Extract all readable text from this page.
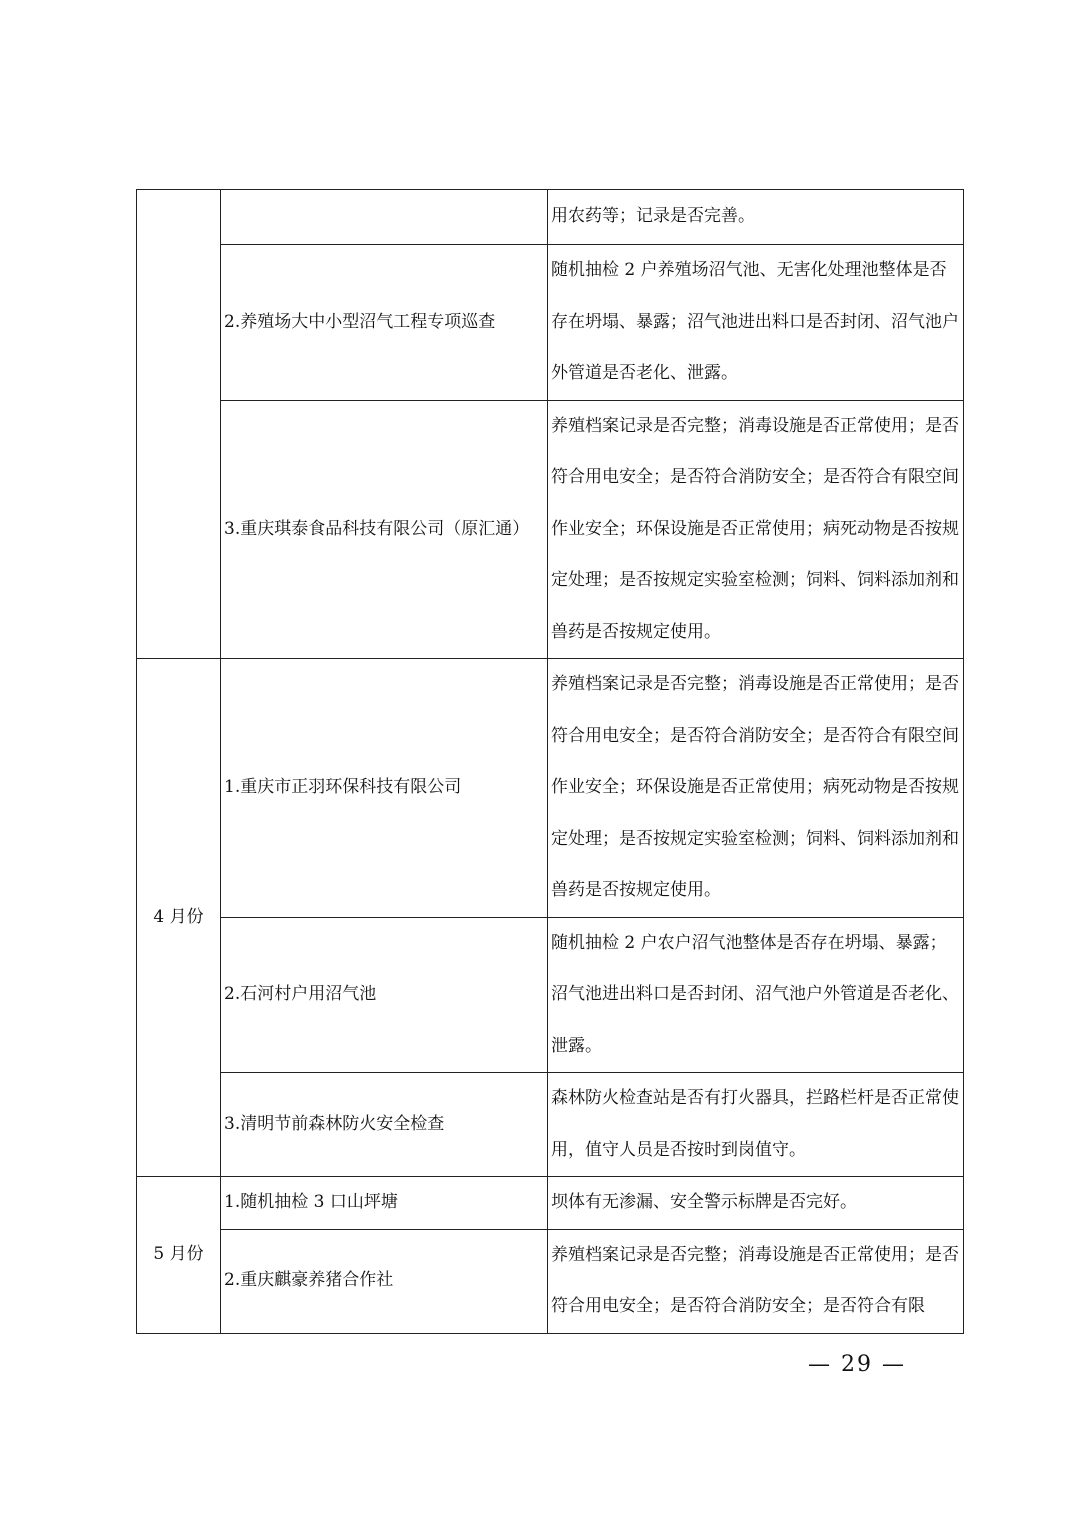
		用农药等；记录是否完善。
	2.养殖场大中小型沼气工程专项巡查	随机抽检 2 户养殖场沼气池、无害化处理池整体是否存在坍塌、暴露；沼气池进出料口是否封闭、沼气池户外管道是否老化、泄露。
	3.重庆琪泰食品科技有限公司（原汇通）	养殖档案记录是否完整；消毒设施是否正常使用；是否符合用电安全；是否符合消防安全；是否符合有限空间作业安全；环保设施是否正常使用；病死动物是否按规定处理；是否按规定实验室检测；饲料、饲料添加剂和兽药是否按规定使用。
4 月份	1.重庆市正羽环保科技有限公司	养殖档案记录是否完整；消毒设施是否正常使用；是否符合用电安全；是否符合消防安全；是否符合有限空间作业安全；环保设施是否正常使用；病死动物是否按规定处理；是否按规定实验室检测；饲料、饲料添加剂和兽药是否按规定使用。
	2.石河村户用沼气池	随机抽检 2 户农户沼气池整体是否存在坍塌、暴露；沼气池进出料口是否封闭、沼气池户外管道是否老化、泄露。
	3.清明节前森林防火安全检查	森林防火检查站是否有打火器具，拦路栏杆是否正常使用，值守人员是否按时到岗值守。
5 月份	1.随机抽检 3 口山坪塘	坝体有无渗漏、安全警示标牌是否完好。
	2.重庆麒豪养猪合作社	养殖档案记录是否完整；消毒设施是否正常使用；是否符合用电安全；是否符合消防安全；是否符合有限
— 29 —
